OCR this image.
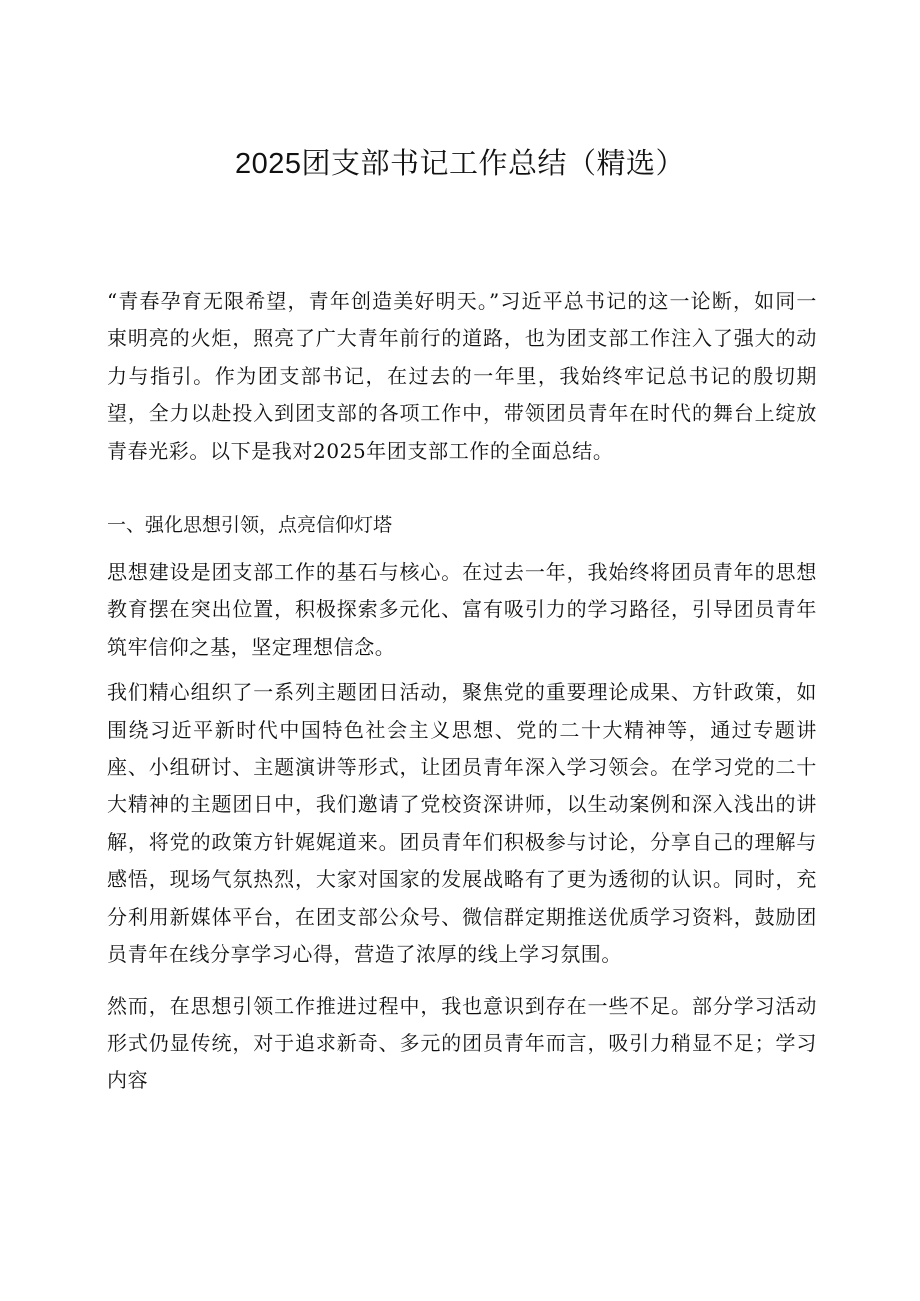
2025团支部书记工作总结（精选）

“青春孕育无限希望，青年创造美好明天。”习近平总书记的这一论断，如同一束明亮的火炬，照亮了广大青年前行的道路，也为团支部工作注入了强大的动力与指引。作为团支部书记，在过去的一年里，我始终牢记总书记的殷切期望，全力以赴投入到团支部的各项工作中，带领团员青年在时代的舞台上绽放青春光彩。以下是我对2025年团支部工作的全面总结。

一、强化思想引领，点亮信仰灯塔

思想建设是团支部工作的基石与核心。在过去一年，我始终将团员青年的思想教育摆在突出位置，积极探索多元化、富有吸引力的学习路径，引导团员青年筑牢信仰之基，坚定理想信念。

我们精心组织了一系列主题团日活动，聚焦党的重要理论成果、方针政策，如围绕习近平新时代中国特色社会主义思想、党的二十大精神等，通过专题讲座、小组研讨、主题演讲等形式，让团员青年深入学习领会。在学习党的二十大精神的主题团日中，我们邀请了党校资深讲师，以生动案例和深入浅出的讲解，将党的政策方针娓娓道来。团员青年们积极参与讨论，分享自己的理解与感悟，现场气氛热烈，大家对国家的发展战略有了更为透彻的认识。同时，充分利用新媒体平台，在团支部公众号、微信群定期推送优质学习资料，鼓励团员青年在线分享学习心得，营造了浓厚的线上学习氛围。

然而，在思想引领工作推进过程中，我也意识到存在一些不足。部分学习活动形式仍显传统，对于追求新奇、多元的团员青年而言，吸引力稍显不足；学习内容
